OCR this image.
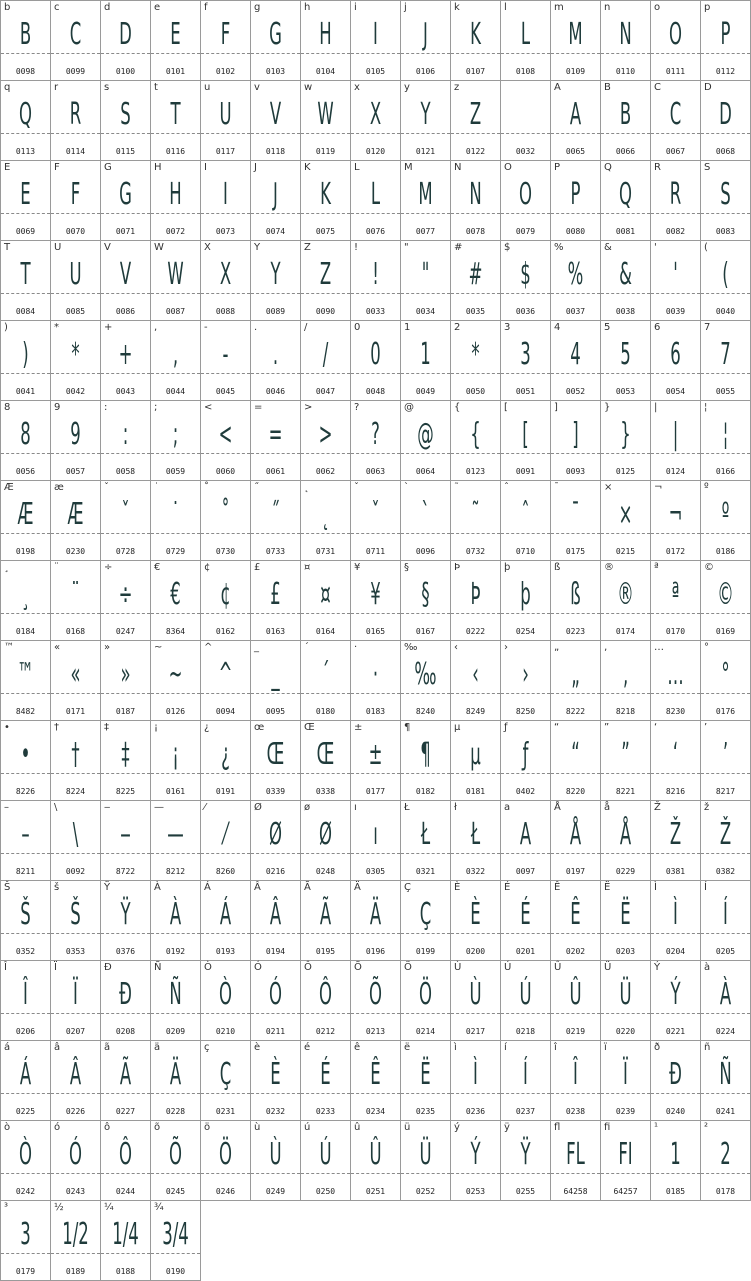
b
B
0098
c
C
0099
d
D
0100
e
E
0101
f
F
0102
g
G
0103
h
H
0104
i
I
0105
j
J
0106
k
K
0107
l
L
0108
m
M
0109
n
N
0110
o
O
0111
p
P
0112
q
Q
0113
r
R
0114
s
S
0115
t
T
0116
u
U
0117
v
V
0118
w
W
0119
x
X
0120
y
Y
0121
z
Z
0122	0032
A
A
0065
B
B
0066
C
C
0067
D
D
0068
E
E
0069
F
F
0070
G
G
0071
H
H
0072
I
I
0073
J
J
0074
K
K
0075
L
L
0076
M
M
0077
N
N
0078
O
O
0079
P
P
0080
Q
Q
0081
R
R
0082
S
S
0083
T
T
0084
U
U
0085
V
V
0086
W
W
0087
X
X
0088
Y
Y
0089
Z
Z
0090
!
!
0033
"
"
0034
#
#
0035
$
$
0036
%
%
0037
&
&
0038
'
'
0039
(
(
0040
)
)
0041
*
*
0042
+
+
0043
,
,
0044
-
-
0045
.
.
0046
/
/
0047
0
0
0048
1
1
0049
2
*
0050
3
3
0051
4
4
0052
5
5
0053
6
6
0054
7
7
0055
8
8
0056
9
9
0057
:
:
0058
;
;
0059
<
<
0060
=
=
0061
>
>
0062
?
?
0063
@
@
0064
{
{
0123
[
[
0091
]
]
0093
}
}
0125
|
|
0124
¦
¦
0166
Æ
Æ
0198
æ
Æ
0230
ˇ
ˇ
0728
˙
˙
0729
˚
˚
0730
˝
˝
0733
˛
˛
0731
ˇ
ˇ
0711
`
`
0096
˜
˜
0732
ˆ
ˆ
0710
¯
¯
0175
×
×
0215
¬
¬
0172
º
º
0186
¸
¸
0184
¨
¨
0168
÷
÷
0247
€
€
8364
¢
¢
0162
£
£
0163
¤
¤
0164
¥
¥
0165
§
§
0167
Þ
Þ
0222
þ
þ
0254
ß
ß
0223
®
®
0174
ª
ª
0170
©
©
0169
™
™
8482
«
«
0171
»
»
0187
~
~
0126
^
^
0094
_
_
0095
´
´
0180
·
·
0183
‰
‰
8240
‹
‹
8249
›
›
8250
„
„
8222
‚
‚
8218
…
…
8230
°
°
0176
•
•
8226
†
†
8224
‡
‡
8225
¡
¡
0161
¿
¿
0191
œ
Œ
0339
Œ
Œ
0338
±
±
0177
¶
¶
0182
µ
µ
0181
ƒ
ƒ
0402
“
“
8220
”
”
8221
‘
‘
8216
’
’
8217
–
–
8211
\
\
0092
‒
‒
8722
—
—
8212
⁄
⁄
8260
Ø
Ø
0216
ø
Ø
0248
ı
ı
0305
Ł
Ł
0321
ł
Ł
0322
a
A
0097
Å
Å
0197
å
Å
0229
Ž
Ž
0381
ž
Ž
0382
Š
Š
0352
š
Š
0353
Ÿ
Ÿ
0376
À
À
0192
Á
Á
0193
Â
Â
0194
Ã
Ã
0195
Ä
Ä
0196
Ç
Ç
0199
È
È
0200
É
É
0201
Ê
Ê
0202
Ë
Ë
0203
Ì
Ì
0204
Í
Í
0205
Î
Î
0206
Ï
Ï
0207
Ð
Ð
0208
Ñ
Ñ
0209
Ò
Ò
0210
Ó
Ó
0211
Ô
Ô
0212
Õ
Õ
0213
Ö
Ö
0214
Ù
Ù
0217
Ú
Ú
0218
Û
Û
0219
Ü
Ü
0220
Ý
Ý
0221
à
À
0224
á
Á
0225
â
Â
0226
ã
Ã
0227
ä
Ä
0228
ç
Ç
0231
è
È
0232
é
É
0233
ê
Ê
0234
ë
Ë
0235
ì
Ì
0236
í
Í
0237
î
Î
0238
ï
Ï
0239
ð
Ð
0240
ñ
Ñ
0241
ò
Ò
0242
ó
Ó
0243
ô
Ô
0244
õ
Õ
0245
ö
Ö
0246
ù
Ù
0249
ú
Ú
0250
û
Û
0251
ü
Ü
0252
ý
Ý
0253
ÿ
Ÿ
0255
fl
FL
64258
fi
FI
64257
¹
1
0185
²
2
0178
³
3
0179
½
1/2
0189
¼
1/4
0188
¾
3/4
0190
